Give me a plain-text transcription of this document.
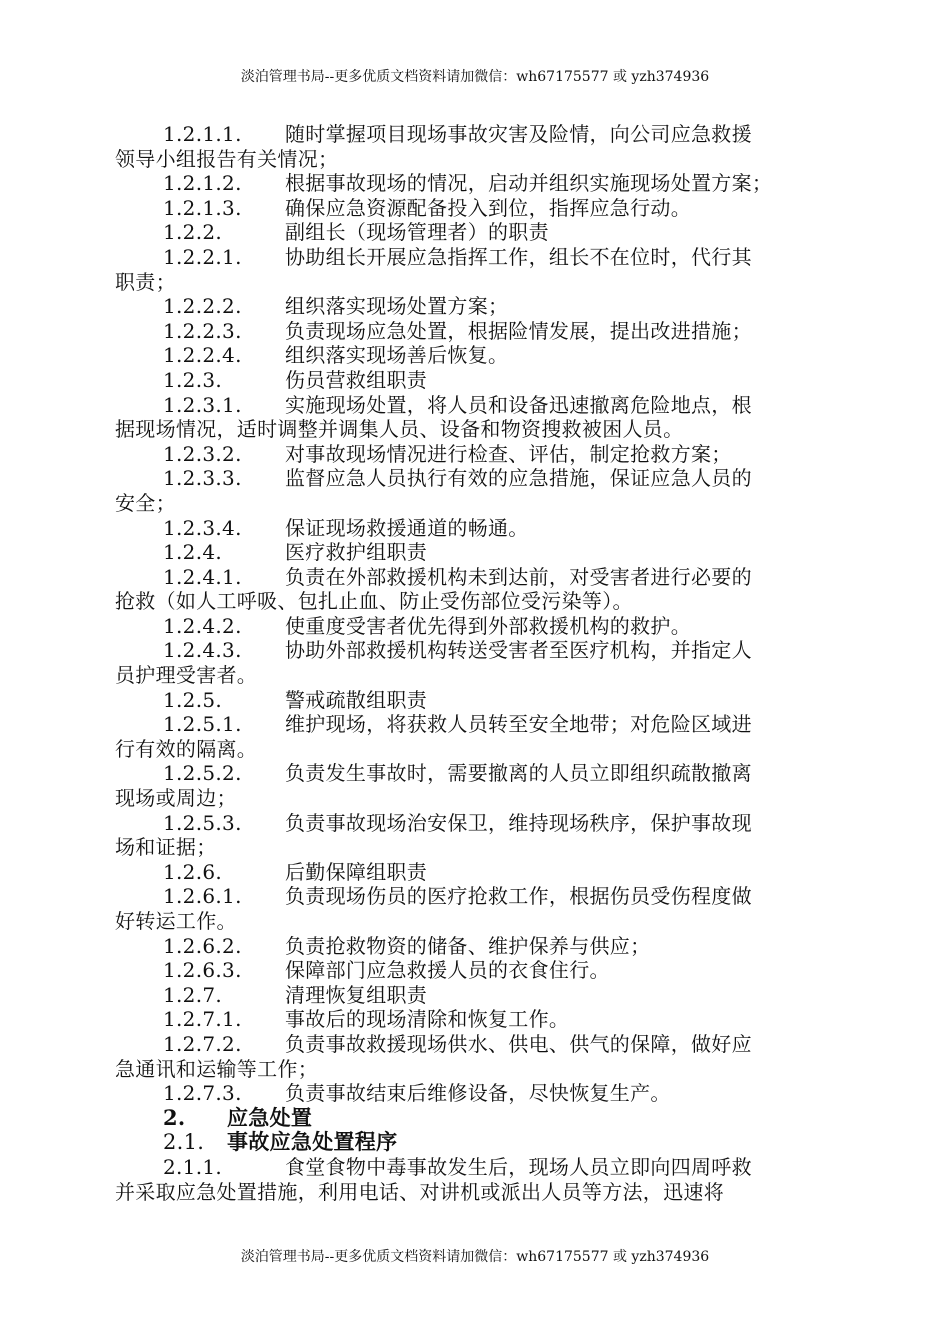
淡泊管理书局--更多优质文档资料请加微信：wh67175577 或 yzh374936
1.2.1.1. 随时掌握项目现场事故灾害及险情，向公司应急救援
领导小组报告有关情况；
1.2.1.2. 根据事故现场的情况，启动并组织实施现场处置方案；
1.2.1.3. 确保应急资源配备投入到位，指挥应急行动。
1.2.2.	副组长（现场管理者）的职责
1.2.2.1. 协助组长开展应急指挥工作，组长不在位时，代行其
职责；
1.2.2.2. 组织落实现场处置方案；
1.2.2.3. 负责现场应急处置，根据险情发展，提出改进措施；
1.2.2.4. 组织落实现场善后恢复。
1.2.3.	伤员营救组职责
1.2.3.1. 实施现场处置，将人员和设备迅速撤离危险地点，根
据现场情况，适时调整并调集人员、设备和物资搜救被困人员。
1.2.3.2. 对事故现场情况进行检查、评估，制定抢救方案；
1.2.3.3. 监督应急人员执行有效的应急措施，保证应急人员的
安全；
1.2.3.4. 保证现场救援通道的畅通。
1.2.4.	医疗救护组职责
1.2.4.1. 负责在外部救援机构未到达前，对受害者进行必要的
抢救（如人工呼吸、包扎止血、防止受伤部位受污染等）。
1.2.4.2. 使重度受害者优先得到外部救援机构的救护。
1.2.4.3. 协助外部救援机构转送受害者至医疗机构，并指定人
员护理受害者。
1.2.5.	警戒疏散组职责
1.2.5.1. 维护现场，将获救人员转至安全地带；对危险区域进
行有效的隔离。
1.2.5.2. 负责发生事故时，需要撤离的人员立即组织疏散撤离
现场或周边；
1.2.5.3. 负责事故现场治安保卫，维持现场秩序，保护事故现
场和证据；
1.2.6.	后勤保障组职责
1.2.6.1. 负责现场伤员的医疗抢救工作，根据伤员受伤程度做
好转运工作。
1.2.6.2. 负责抢救物资的储备、维护保养与供应；
1.2.6.3. 保障部门应急救援人员的衣食住行。
1.2.7.	清理恢复组职责
1.2.7.1. 事故后的现场清除和恢复工作。
1.2.7.2. 负责事故救援现场供水、供电、供气的保障，做好应
急通讯和运输等工作；
1.2.7.3. 负责事故结束后维修设备，尽快恢复生产。
2. 应急处置
2.1. 事故应急处置程序
2.1.1.	食堂食物中毒事故发生后，现场人员立即向四周呼救
并采取应急处置措施，利用电话、对讲机或派出人员等方法，迅速将
淡泊管理书局--更多优质文档资料请加微信：wh67175577 或 yzh374936
